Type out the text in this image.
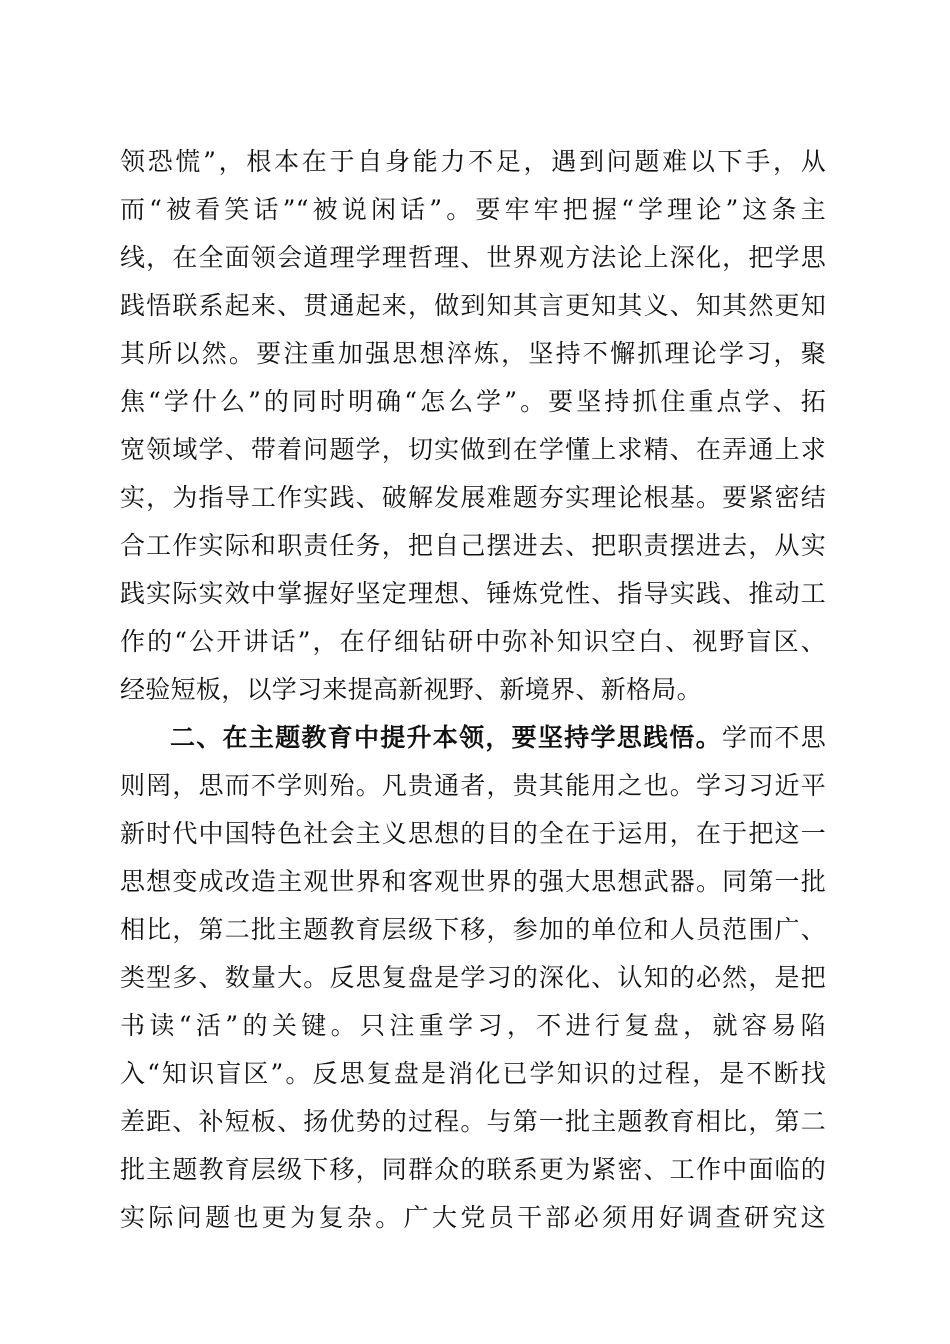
领恐慌”，根本在于自身能力不足，遇到问题难以下手，从
而“被看笑话”“被说闲话”。要牢牢把握“学理论”这条主
线，在全面领会道理学理哲理、世界观方法论上深化，把学思
践悟联系起来、贯通起来，做到知其言更知其义、知其然更知
其所以然。要注重加强思想淬炼，坚持不懈抓理论学习，聚
焦“学什么”的同时明确“怎么学”。要坚持抓住重点学、拓
宽领域学、带着问题学，切实做到在学懂上求精、在弄通上求
实，为指导工作实践、破解发展难题夯实理论根基。要紧密结
合工作实际和职责任务，把自己摆进去、把职责摆进去，从实
践实际实效中掌握好坚定理想、锤炼党性、指导实践、推动工
作的“公开讲话”，在仔细钻研中弥补知识空白、视野盲区、
经验短板，以学习来提高新视野、新境界、新格局。
二、在主题教育中提升本领，要坚持学思践悟。学而不思
则罔，思而不学则殆。凡贵通者，贵其能用之也。学习习近平
新时代中国特色社会主义思想的目的全在于运用，在于把这一
思想变成改造主观世界和客观世界的强大思想武器。同第一批
相比，第二批主题教育层级下移，参加的单位和人员范围广、
类型多、数量大。反思复盘是学习的深化、认知的必然，是把
书读“活”的关键。只注重学习，不进行复盘，就容易陷
入“知识盲区”。反思复盘是消化已学知识的过程，是不断找
差距、补短板、扬优势的过程。与第一批主题教育相比，第二
批主题教育层级下移，同群众的联系更为紧密、工作中面临的
实际问题也更为复杂。广大党员干部必须用好调查研究这
